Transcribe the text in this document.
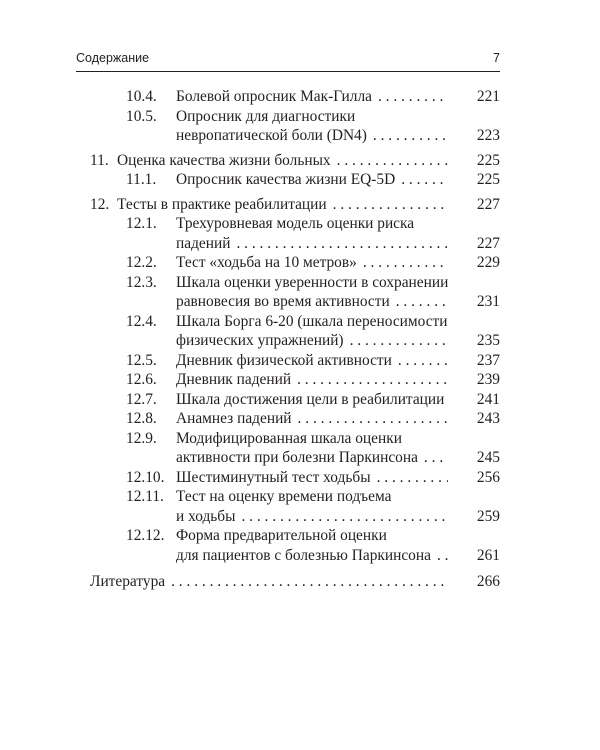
Содержание	7
10.4. Болевой опросник Мак-Гилла . . .	221
10.5. Опросник для диагностики
невропатической боли (DN4) . . .	223
11. Оценка качества жизни больных . . .	225
11.1. Опросник качества жизни EQ-5D . . .	225
12. Тесты в практике реабилитации . . .	227
12.1. Трехуровневая модель оценки риска
падений . . .	227
12.2. Тест «ходьба на 10 метров» . . .	229
12.3. Шкала оценки уверенности в сохранении
равновесия во время активности . . .	231
12.4. Шкала Борга 6-20 (шкала переносимости
физических упражнений) . . .	235
12.5. Дневник физической активности . . .	237
12.6. Дневник падений . . .	239
12.7. Шкала достижения цели в реабилитации	241
12.8. Анамнез падений . . .	243
12.9. Модифицированная шкала оценки
активности при болезни Паркинсона . . .	245
12.10. Шестиминутный тест ходьбы . . .	256
12.11. Тест на оценку времени подъема
и ходьбы . . .	259
12.12. Форма предварительной оценки
для пациентов с болезнью Паркинсона . . .	261
Литература . . .	266
